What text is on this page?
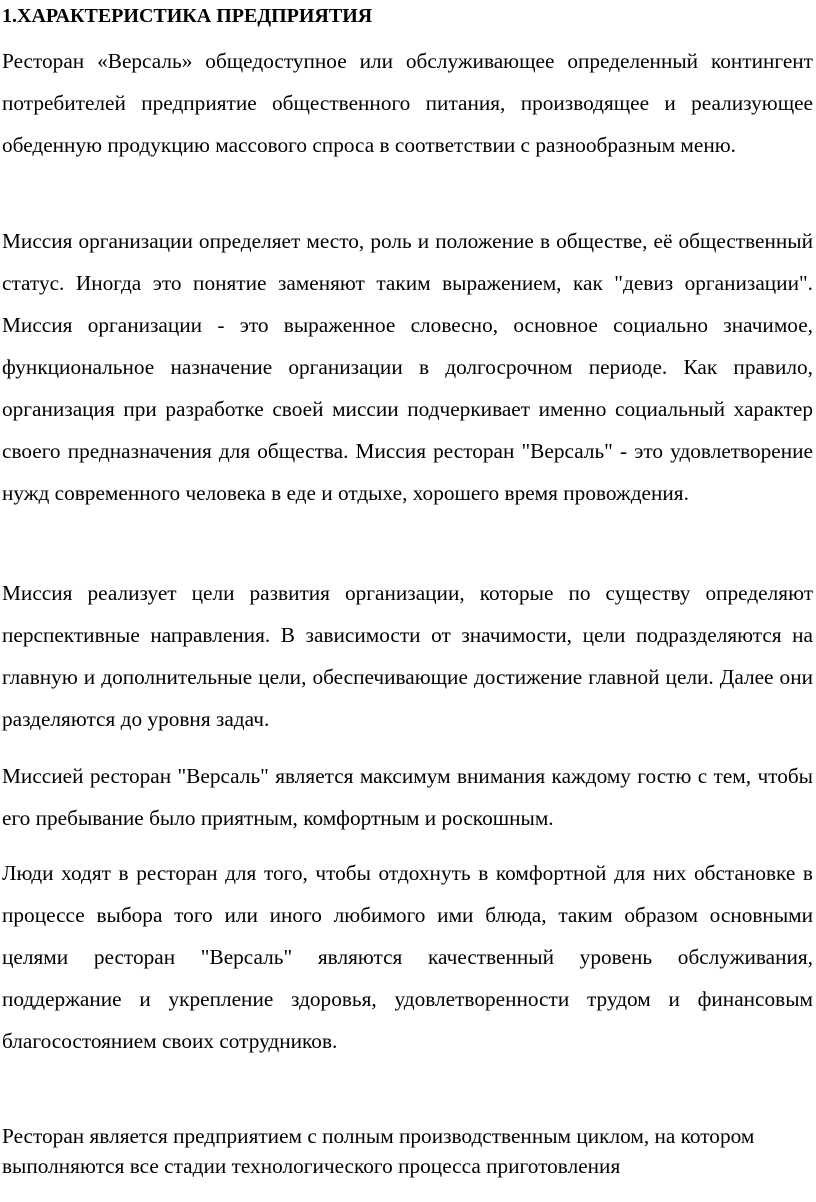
1.ХАРАКТЕРИСТИКА ПРЕДПРИЯТИЯ

Ресторан «Версаль» общедоступное или обслуживающее определенный контингент потребителей предприятие общественного питания, производящее и реализующее обеденную продукцию массового спроса в соответствии с разнообразным меню.

Миссия организации определяет место, роль и положение в обществе, её общественный статус. Иногда это понятие заменяют таким выражением, как "девиз организации". Миссия организации - это выраженное словесно, основное социально значимое, функциональное назначение организации в долгосрочном периоде. Как правило, организация при разработке своей миссии подчеркивает именно социальный характер своего предназначения для общества. Миссия ресторан "Версаль" - это удовлетворение нужд современного человека в еде и отдыхе, хорошего время провождения.

Миссия реализует цели развития организации, которые по существу определяют перспективные направления. В зависимости от значимости, цели подразделяются на главную и дополнительные цели, обеспечивающие достижение главной цели. Далее они разделяются до уровня задач.

Миссией ресторан "Версаль" является максимум внимания каждому гостю с тем, чтобы его пребывание было приятным, комфортным и роскошным.

Люди ходят в ресторан для того, чтобы отдохнуть в комфортной для них обстановке в процессе выбора того или иного любимого ими блюда, таким образом основными целями ресторан "Версаль" являются качественный уровень обслуживания, поддержание и укрепление здоровья, удовлетворенности трудом и финансовым благосостоянием своих сотрудников.

Ресторан является предприятием с полным производственным циклом, на котором выполняются все стадии технологического процесса приготовления
